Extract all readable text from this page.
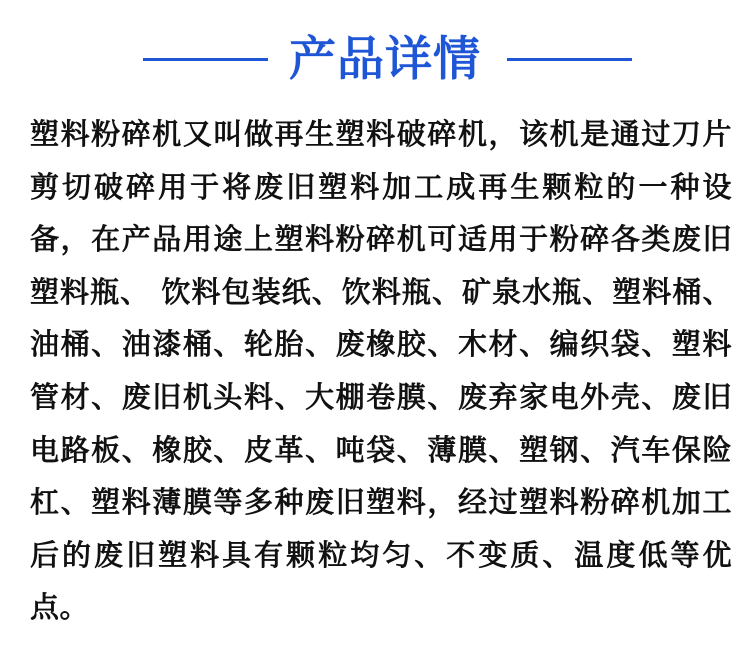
产品详情

塑料粉碎机又叫做再生塑料破碎机，该机是通过刀片剪切破碎用于将废旧塑料加工成再生颗粒的一种设备，在产品用途上塑料粉碎机可适用于粉碎各类废旧塑料瓶、 饮料包装纸、饮料瓶、矿泉水瓶、塑料桶、油桶、油漆桶、轮胎、废橡胶、木材、编织袋、塑料管材、废旧机头料、大棚卷膜、废弃家电外壳、废旧电路板、橡胶、皮革、吨袋、薄膜、塑钢、汽车保险杠、塑料薄膜等多种废旧塑料，经过塑料粉碎机加工后的废旧塑料具有颗粒均匀、不变质、温度低等优点。
